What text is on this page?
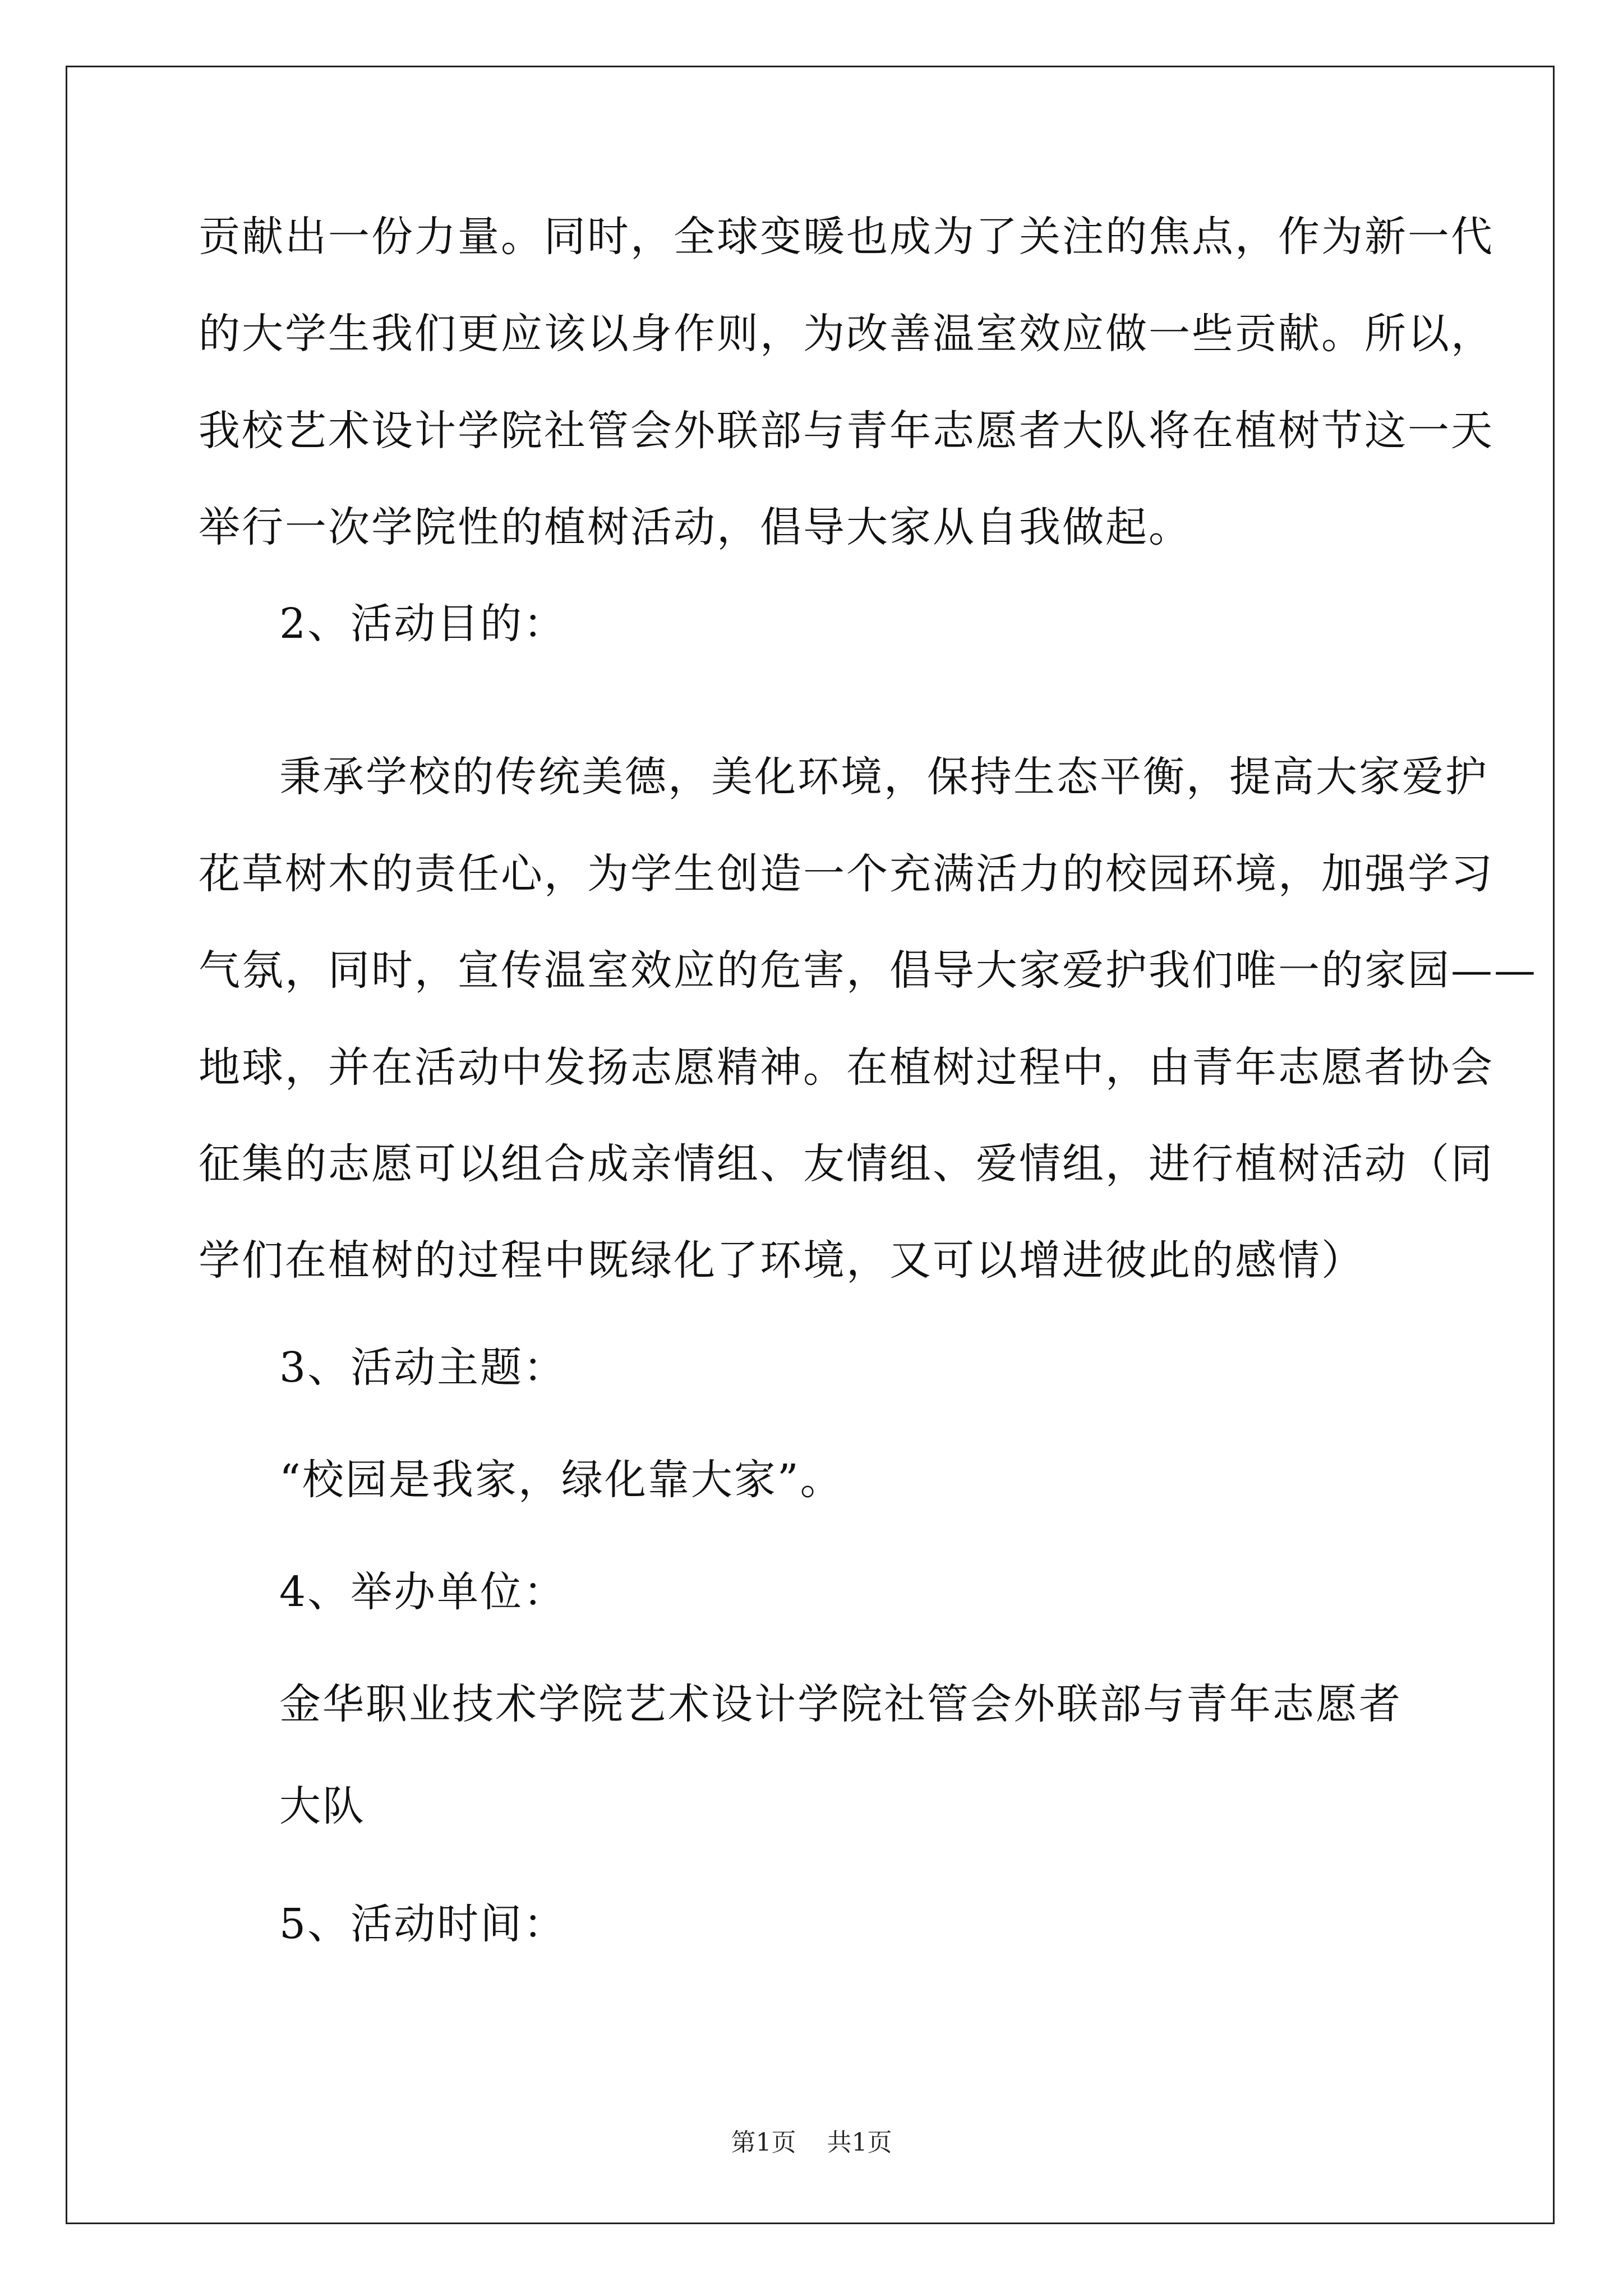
贡献出一份力量。同时，全球变暖也成为了关注的焦点，作为新一代
的大学生我们更应该以身作则，为改善温室效应做一些贡献。所以，
我校艺术设计学院社管会外联部与青年志愿者大队将在植树节这一天
举行一次学院性的植树活动，倡导大家从自我做起。
2、活动目的：
秉承学校的传统美德，美化环境，保持生态平衡，提高大家爱护
花草树木的责任心，为学生创造一个充满活力的校园环境，加强学习
气氛，同时，宣传温室效应的危害，倡导大家爱护我们唯一的家园——
地球，并在活动中发扬志愿精神。在植树过程中，由青年志愿者协会
征集的志愿可以组合成亲情组、友情组、爱情组，进行植树活动（同
学们在植树的过程中既绿化了环境，又可以增进彼此的感情）
3、活动主题：
“校园是我家，绿化靠大家”。
4、举办单位：
金华职业技术学院艺术设计学院社管会外联部与青年志愿者
大队
5、活动时间：
第1页 共1页
